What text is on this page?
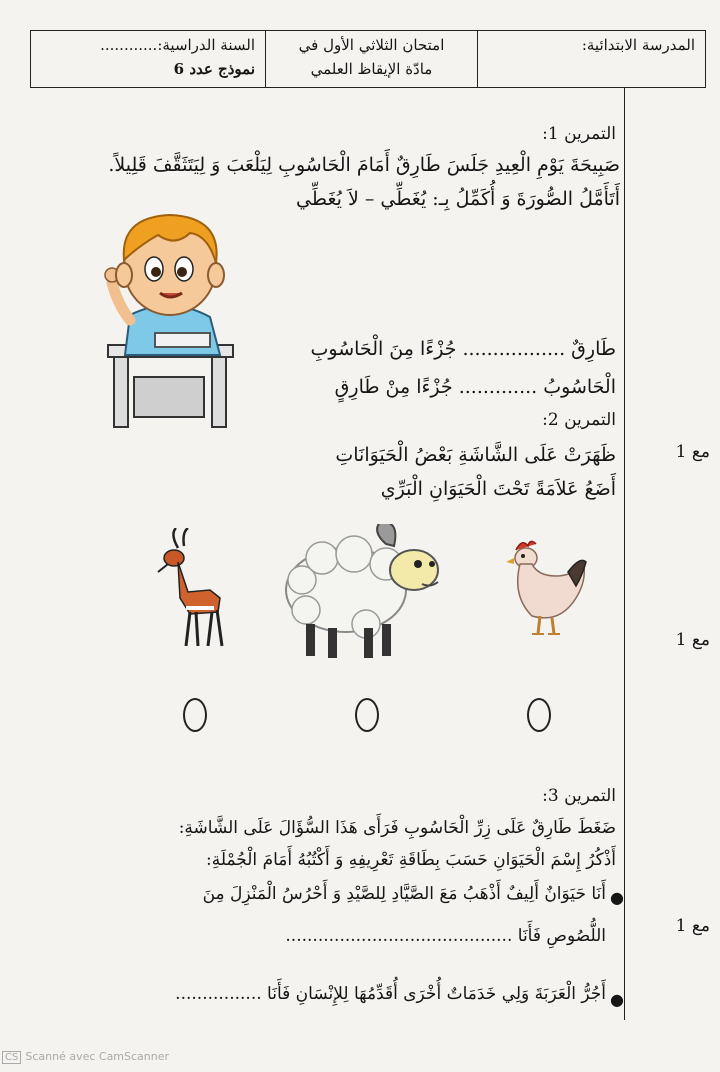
المدرسة الابتدائية:
امتحان الثلاثي الأول في
مادّة الإيقاظ العلمي
السنة الدراسية:............
نموذج عدد 6
التمرين 1:
صَبِيحَةَ يَوْمِ الْعِيدِ جَلَسَ طَارِقٌ أَمَامَ الْحَاسُوبِ لِيَلْعَبَ وَ لِيَتَثَقَّفَ قَلِيلاً.
أَتَأَمَّلُ الصُّورَةَ وَ أُكَمِّلُ بِـ: يُغَطِّي – لاَ يُغَطِّي
طَارِقٌ ................. جُزْءًا مِنَ الْحَاسُوبِ
الْحَاسُوبُ ............. جُزْءًا مِنْ طَارِقٍ
التمرين 2:
ظَهَرَتْ عَلَى الشَّاشَةِ بَعْضُ الْحَيَوَانَاتِ
أَضَعُ عَلاَمَةً تَحْتَ الْحَيَوَانِ الْبَرِّي
التمرين 3:
ضَغَطَ طَارِقٌ عَلَى زِرِّ الْحَاسُوبِ فَرَأَى هَذَا السُّؤَالَ عَلَى الشَّاشَةِ:
أَذْكُرُ إِسْمَ الْحَيَوَانِ حَسَبَ بِطَاقَةِ تَعْرِيفِهِ وَ أَكْتُبُهُ أَمَامَ الْجُمْلَةِ:
●
أَنَا حَيَوَانٌ أَلِيفٌ أَذْهَبُ مَعَ الصَّيَّادِ لِلصَّيْدِ وَ أَحْرُسُ الْمَنْزِلَ مِنَ
اللُّصُوصِ فَأَنَا ..........................................
●
أَجُرُّ الْعَرَبَةَ وَلِي خَدَمَاتٌ أُخْرَى أُقَدِّمُهَا لِلإِنْسَانِ فَأَنَا ................
مع 1
مع 1
مع 1
CS Scanné avec CamScanner
